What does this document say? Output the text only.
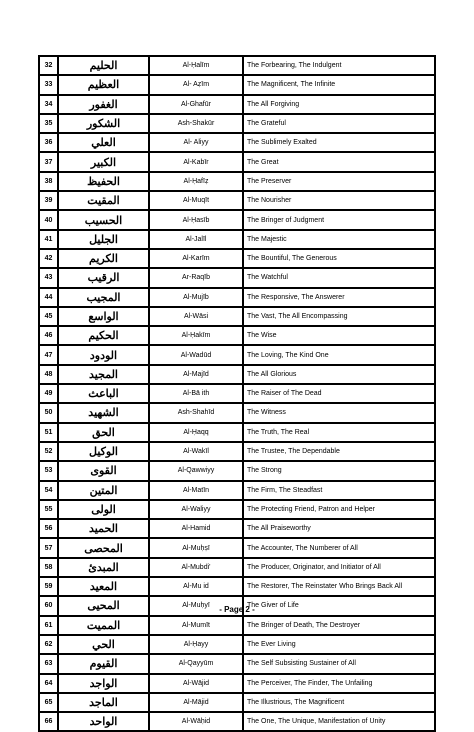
32	الحليم	Al-Ḥalīm	The Forbearing, The Indulgent
33	العظيم	Al- Aẓīm	The Magnificent, The Infinite
34	الغفور	Al-Ghafūr	The All Forgiving
35	الشكور	Ash-Shakūr	The Grateful
36	العلي	Al- Aliyy	The Sublimely Exalted
37	الكبير	Al-Kabīr	The Great
38	الحفيظ	Al-Ḥafīẓ	The Preserver
39	المقيت	Al-Muqīt	The Nourisher
40	الحسيب	Al-Ḥasīb	The Bringer of Judgment
41	الجليل	Al-Jalīl	The Majestic
42	الكريم	Al-Karīm	The Bountiful, The Generous
43	الرقيب	Ar-Raqīb	The Watchful
44	المجيب	Al-Mujīb	The Responsive, The Answerer
45	الواسع	Al-Wāsi	The Vast, The All Encompassing
46	الحكيم	Al-Ḥakīm	The Wise
47	الودود	Al-Wadūd	The Loving, The Kind One
48	المجيد	Al-Majīd	The All Glorious
49	الباعث	Al-Bā ith	The Raiser of The Dead
50	الشهيد	Ash-Shahīd	The Witness
51	الحق	Al-Ḥaqq	The Truth, The Real
52	الوكيل	Al-Wakīl	The Trustee, The Dependable
53	القوى	Al-Qawwiyy	The Strong
54	المتين	Al-Matīn	The Firm, The Steadfast
55	الولى	Al-Waliyy	The Protecting Friend, Patron and Helper
56	الحميد	Al-Hamid	The All Praiseworthy
57	المحصى	Al-Muḥṣī	The Accounter, The Numberer of All
58	المبدئ	Al-Mubdi'	The Producer, Originator, and Initiator of All
59	المعيد	Al-Mu id	The Restorer, The Reinstater Who Brings Back All
60	المحيى	Al-Muḥyī	The Giver of Life
61	المميت	Al-Mumīt	The Bringer of Death, The Destroyer
62	الحي	Al-Ḥayy	The Ever Living
63	القيوم	Al-Qayyūm	The Self Subsisting Sustainer of All
64	الواجد	Al-Wājid	The Perceiver, The Finder, The Unfailing
65	الماجد	Al-Mājid	The Illustrious, The Magnificent
66	الواحد	Al-Wāḥid	The One, The Unique, Manifestation of Unity
- Page 2 -
